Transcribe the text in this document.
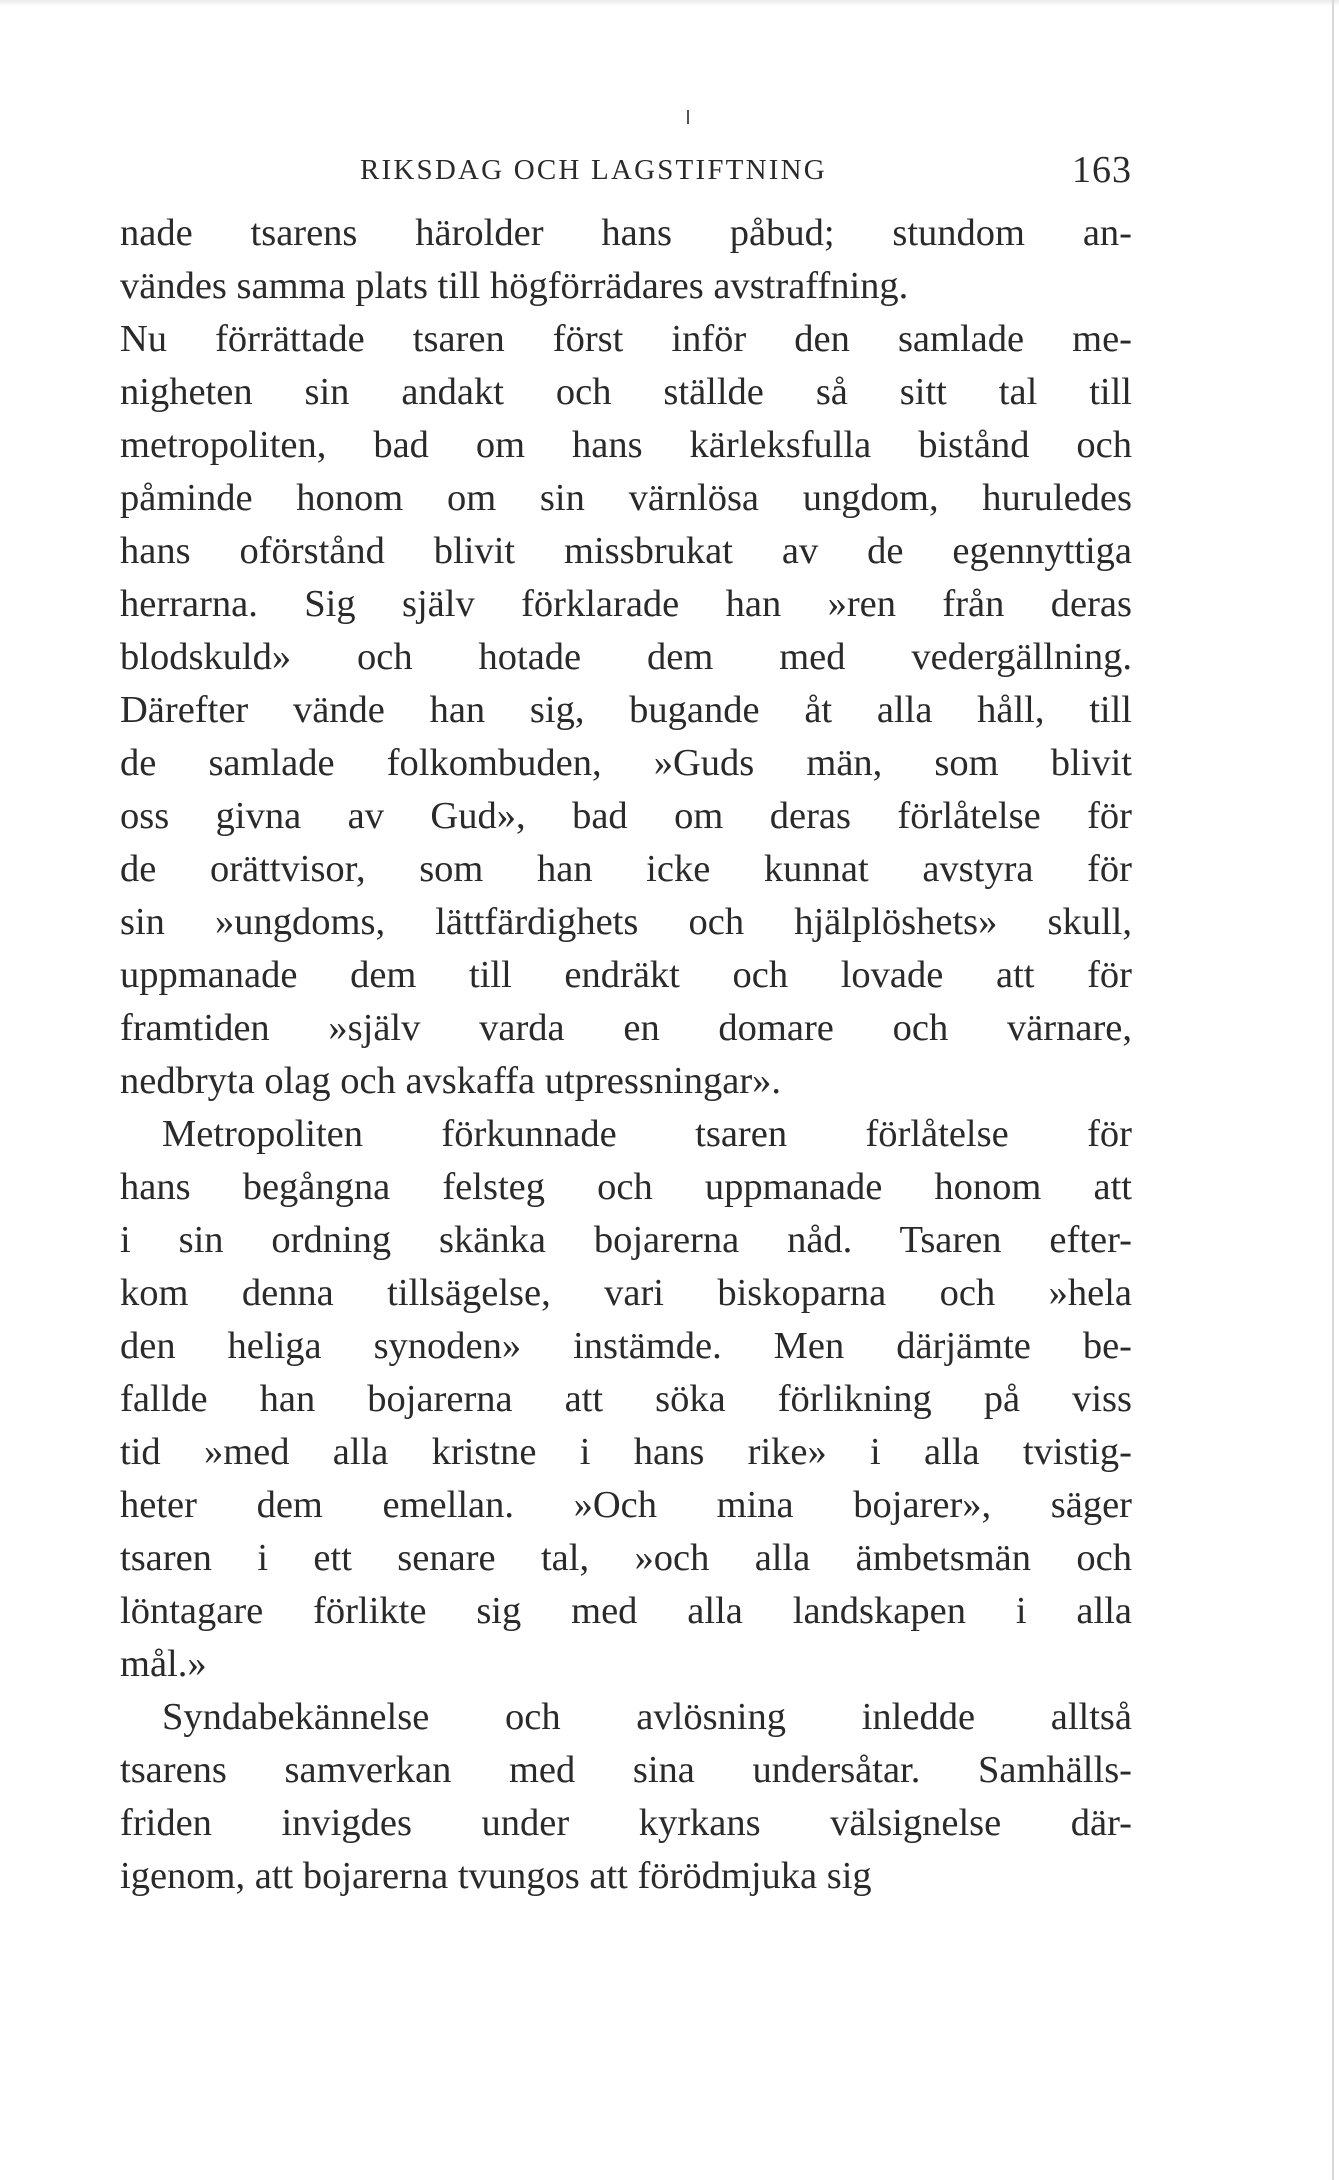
RIKSDAG OCH LAGSTIFTNING	163
nade tsarens härolder hans påbud; stundom an-
vändes samma plats till högförrädares avstraffning.
Nu förrättade tsaren först inför den samlade me-
nigheten sin andakt och ställde så sitt tal till
metropoliten, bad om hans kärleksfulla bistånd och
påminde honom om sin värnlösa ungdom, huruledes
hans oförstånd blivit missbrukat av de egennyttiga
herrarna. Sig själv förklarade han »ren från deras
blodskuld» och hotade dem med vedergällning.
Därefter vände han sig, bugande åt alla håll, till
de samlade folkombuden, »Guds män, som blivit
oss givna av Gud», bad om deras förlåtelse för
de orättvisor, som han icke kunnat avstyra för
sin »ungdoms, lättfärdighets och hjälplöshets» skull,
uppmanade dem till endräkt och lovade att för
framtiden »själv varda en domare och värnare,
nedbryta olag och avskaffa utpressningar».
Metropoliten förkunnade tsaren förlåtelse för
hans begångna felsteg och uppmanade honom att
i sin ordning skänka bojarerna nåd. Tsaren efter-
kom denna tillsägelse, vari biskoparna och »hela
den heliga synoden» instämde. Men därjämte be-
fallde han bojarerna att söka förlikning på viss
tid »med alla kristne i hans rike» i alla tvistig-
heter dem emellan. »Och mina bojarer», säger
tsaren i ett senare tal, »och alla ämbetsmän och
löntagare förlikte sig med alla landskapen i alla
mål.»
Syndabekännelse och avlösning inledde alltså
tsarens samverkan med sina undersåtar. Samhälls-
friden invigdes under kyrkans välsignelse där-
igenom, att bojarerna tvungos att förödmjuka sig
